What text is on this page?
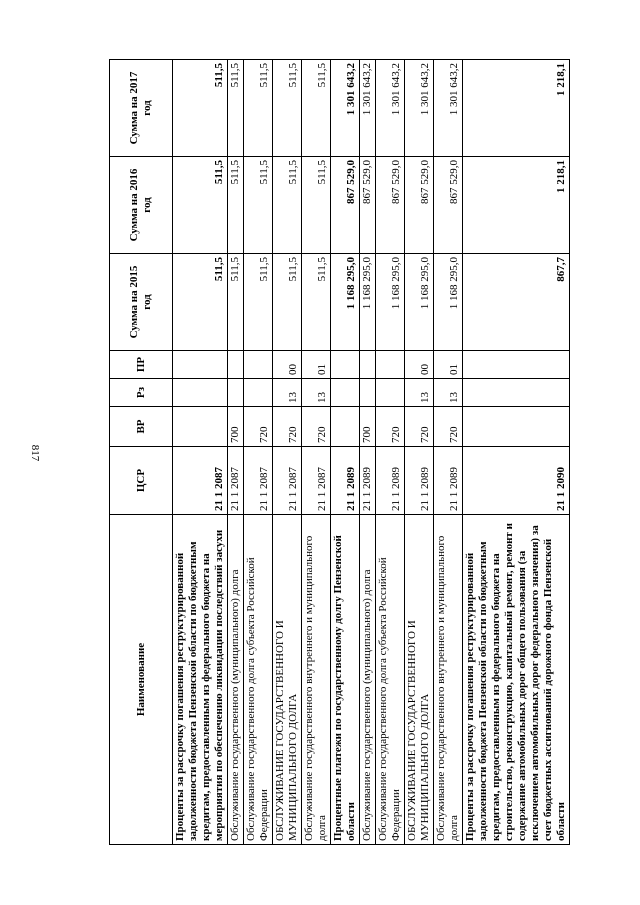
817
Наименование	ЦСР	ВР	Рз	ПР	Сумма на 2015 год	Сумма на 2016 год	Сумма на 2017 год
Проценты за рассрочку погашения реструктурированной задолженности бюджета Пензенской области по бюджетным кредитам, предоставленным из федерального бюджета на мероприятия по обеспечению ликвидации последствий засухи	21 1 2087				511,5	511,5	511,5
Обслуживание государственного (муниципального) долга	21 1 2087	700			511,5	511,5	511,5
Обслуживание государственного долга субъекта Российской Федерации	21 1 2087	720			511,5	511,5	511,5
ОБСЛУЖИВАНИЕ ГОСУДАРСТВЕННОГО И МУНИЦИПАЛЬНОГО ДОЛГА	21 1 2087	720	13	00	511,5	511,5	511,5
Обслуживание государственного внутреннего и муниципального долга	21 1 2087	720	13	01	511,5	511,5	511,5
Процентные платежи по государственному долгу Пензенской области	21 1 2089				1 168 295,0	867 529,0	1 301 643,2
Обслуживание государственного (муниципального) долга	21 1 2089	700			1 168 295,0	867 529,0	1 301 643,2
Обслуживание государственного долга субъекта Российской Федерации	21 1 2089	720			1 168 295,0	867 529,0	1 301 643,2
ОБСЛУЖИВАНИЕ ГОСУДАРСТВЕННОГО И МУНИЦИПАЛЬНОГО ДОЛГА	21 1 2089	720	13	00	1 168 295,0	867 529,0	1 301 643,2
Обслуживание государственного внутреннего и муниципального долга	21 1 2089	720	13	01	1 168 295,0	867 529,0	1 301 643,2
Проценты за рассрочку погашения реструктурированной задолженности бюджета Пензенской области по бюджетным кредитам, предоставленным из федерального бюджета на строительство, реконструкцию, капитальный ремонт, ремонт и содержание автомобильных дорог общего пользования (за исключением автомобильных дорог федерального значения) за счет бюджетных ассигнований дорожного фонда Пензенской области	21 1 2090				867,7	1 218,1	1 218,1
